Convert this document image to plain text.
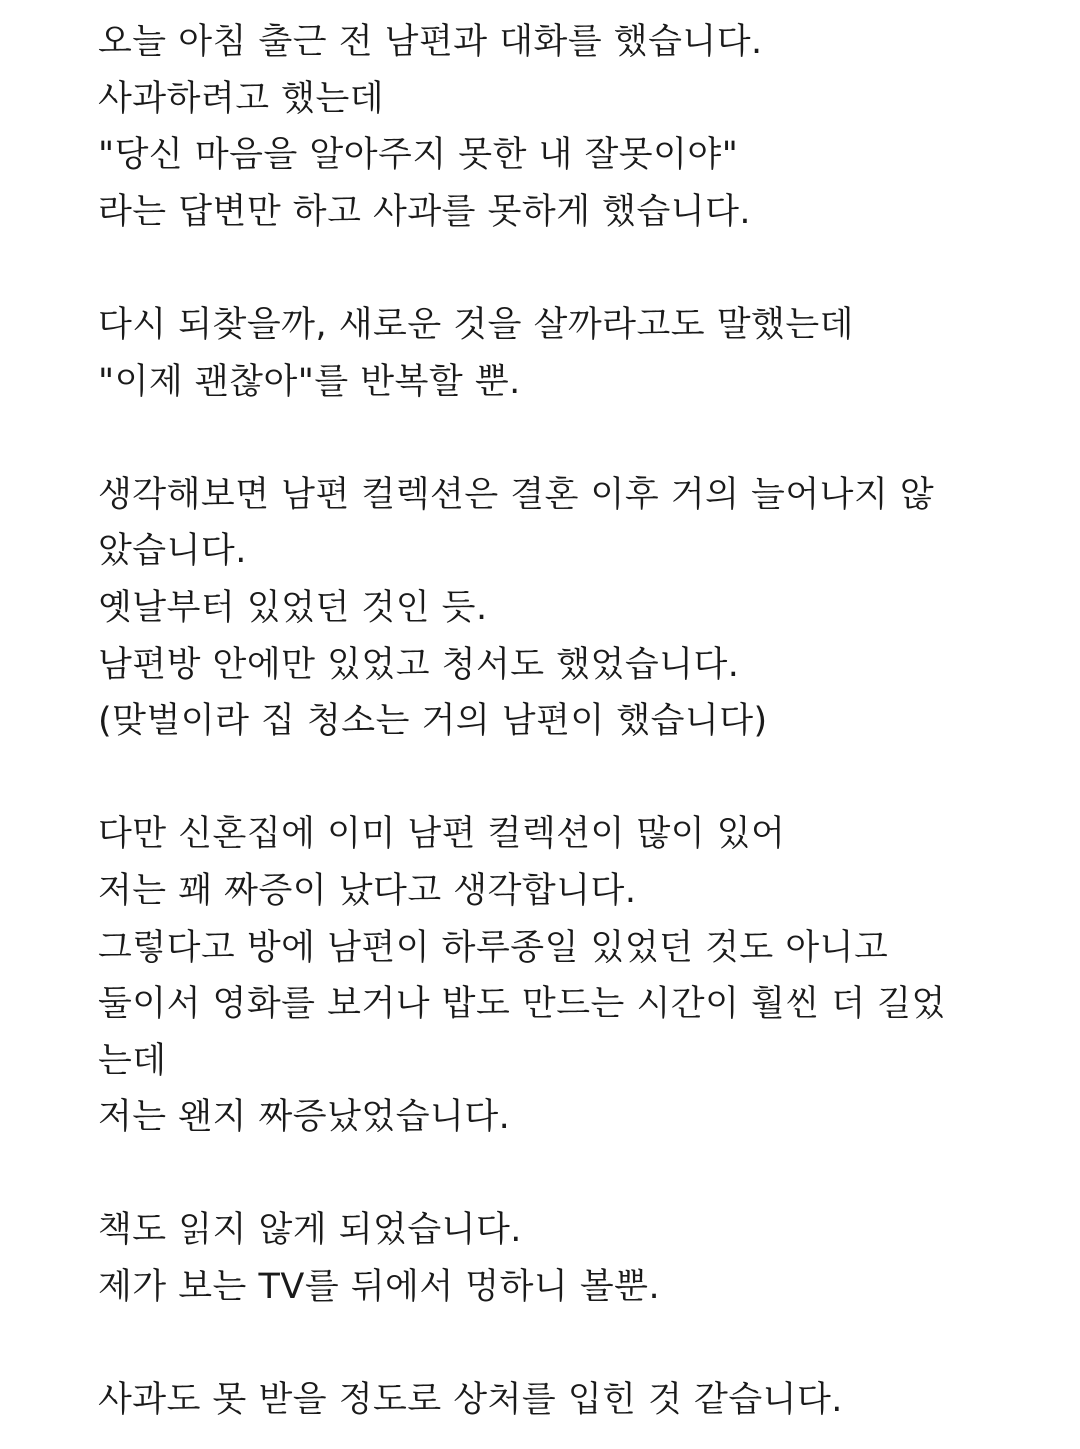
오늘 아침 출근 전 남편과 대화를 했습니다.
사과하려고 했는데
"당신 마음을 알아주지 못한 내 잘못이야"
라는 답변만 하고 사과를 못하게 했습니다.
다시 되찾을까, 새로운 것을 살까라고도 말했는데
"이제 괜찮아"를 반복할 뿐.
생각해보면 남편 컬렉션은 결혼 이후 거의 늘어나지 않
았습니다.
옛날부터 있었던 것인 듯.
남편방 안에만 있었고 청서도 했었습니다.
(맞벌이라 집 청소는 거의 남편이 했습니다)
다만 신혼집에 이미 남편 컬렉션이 많이 있어
저는 꽤 짜증이 났다고 생각합니다.
그렇다고 방에 남편이 하루종일 있었던 것도 아니고
둘이서 영화를 보거나 밥도 만드는 시간이 훨씬 더 길었
는데
저는 왠지 짜증났었습니다.
책도 읽지 않게 되었습니다.
제가 보는 TV를 뒤에서 멍하니 볼뿐.
사과도 못 받을 정도로 상처를 입힌 것 같습니다.
